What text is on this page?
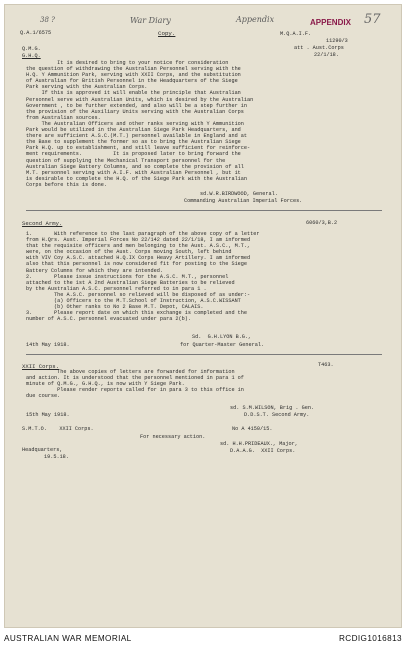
38 ?	War Diary	Appendix	APPENDIX 57
Q.A.1/6575	Copy.	M.Q.A.I.F.
11290/3
Q.M.G.	att . Aust.Corps
G.H.Q.	22/1/18.
It is desired to bring to your notice for consideration
the question of withdrawing the Australian Personnel serving with the
H.Q. Y Ammunition Park, serving with XXII Corps, and the substitution
of Australian for British Personnel in the Headquarters of the Siege
Park serving with the Australian Corps.
If this is approved it will enable the principle that Australian
Personnel serve with Australian Units, which is desired by the Australian
Government , to be further extended, and also will be a step further in
the provision of the Auxiliary Units serving with the Australian Corps
from Australian sources.
The Australian Officers and other ranks serving with Y Ammunition
Park would be utilized in the Australian Siege Park Headquarters, and
there are sufficient A.S.C.(M.T.) personnel available in England and at
the Base to supplement the former so as to bring the Australian Siege
Park H.Q. up to establishment, and still leave sufficient for reinforce-
ment requirements.          It is proposed later to bring forward the
question of supplying the Mechanical Transport personnel for the
Australian Siege Battery Columns, and so complete the provision of all
M.T. personnel serving with A.I.F. with Australian Personnel , but it
is desirable to complete the H.Q. of the Siege Park with the Australian
Corps before this is done.
sd.W.R.BIRDWOOD, General.
Commanding Australian Imperial Forces.
Second Army.	6060/3,B.2
1.       With reference to the last paragraph of the above copy of a letter
from H.Qrs. Aust. Imperial Forces No 22/142 dated 22/1/18, I am informed
that the requisite officers and men belonging to the Aust. A.S.C., M.T.,
were, on the occasion of the Aust. Corps moving South, left behind
with VIV Coy A.S.C. attached H.Q.IX Corps Heavy Artillery. I am informed
also that this personnel is now considered fit for posting to the Siege
Battery Columns for which they are intended.
2.       Please issue instructions for the A.S.C. M.T., personnel
attached to the 1st A 2nd Australian Siege Batteries to be relieved
by the Australian A.S.C. personnel referred to in para 1 .
The A.S.C. personnel so relieved will be disposed of as under:-
(a) Officers to the M.T.School of Instruction, A.S.C.WISSANT
(b) Other ranks to No 2 Base M.T. Depot, CALAIS.
3.       Please report date on which this exchange is completed and the
number of A.S.C. personnel evacuated under para 2(b).
Sd.  G.H.LYON B.G.,
14th May 1918.	for Quarter-Master General.
XXII Corps.	T463.
The above copies of letters are forwarded for information
and action. It is understood that the personnel mentioned in para 1 of
minute of Q.M.G., G.H.Q., is now with Y Siege Park.
Please render reports called for in para 3 to this office in
due course.
sd. S.M.WILSON, Brig . Gen.
15th May 1918.	D.D.S.T. Second Army.
S.M.T.O.    XXII Corps.	No A 4150/15.
For necessary action.
sd. H.H.PRIDEAUX., Major,
Headquarters,	D.A.A.G.  XXII Corps.
19.5.18.
AUSTRALIAN WAR MEMORIAL	RCDIG1016813
